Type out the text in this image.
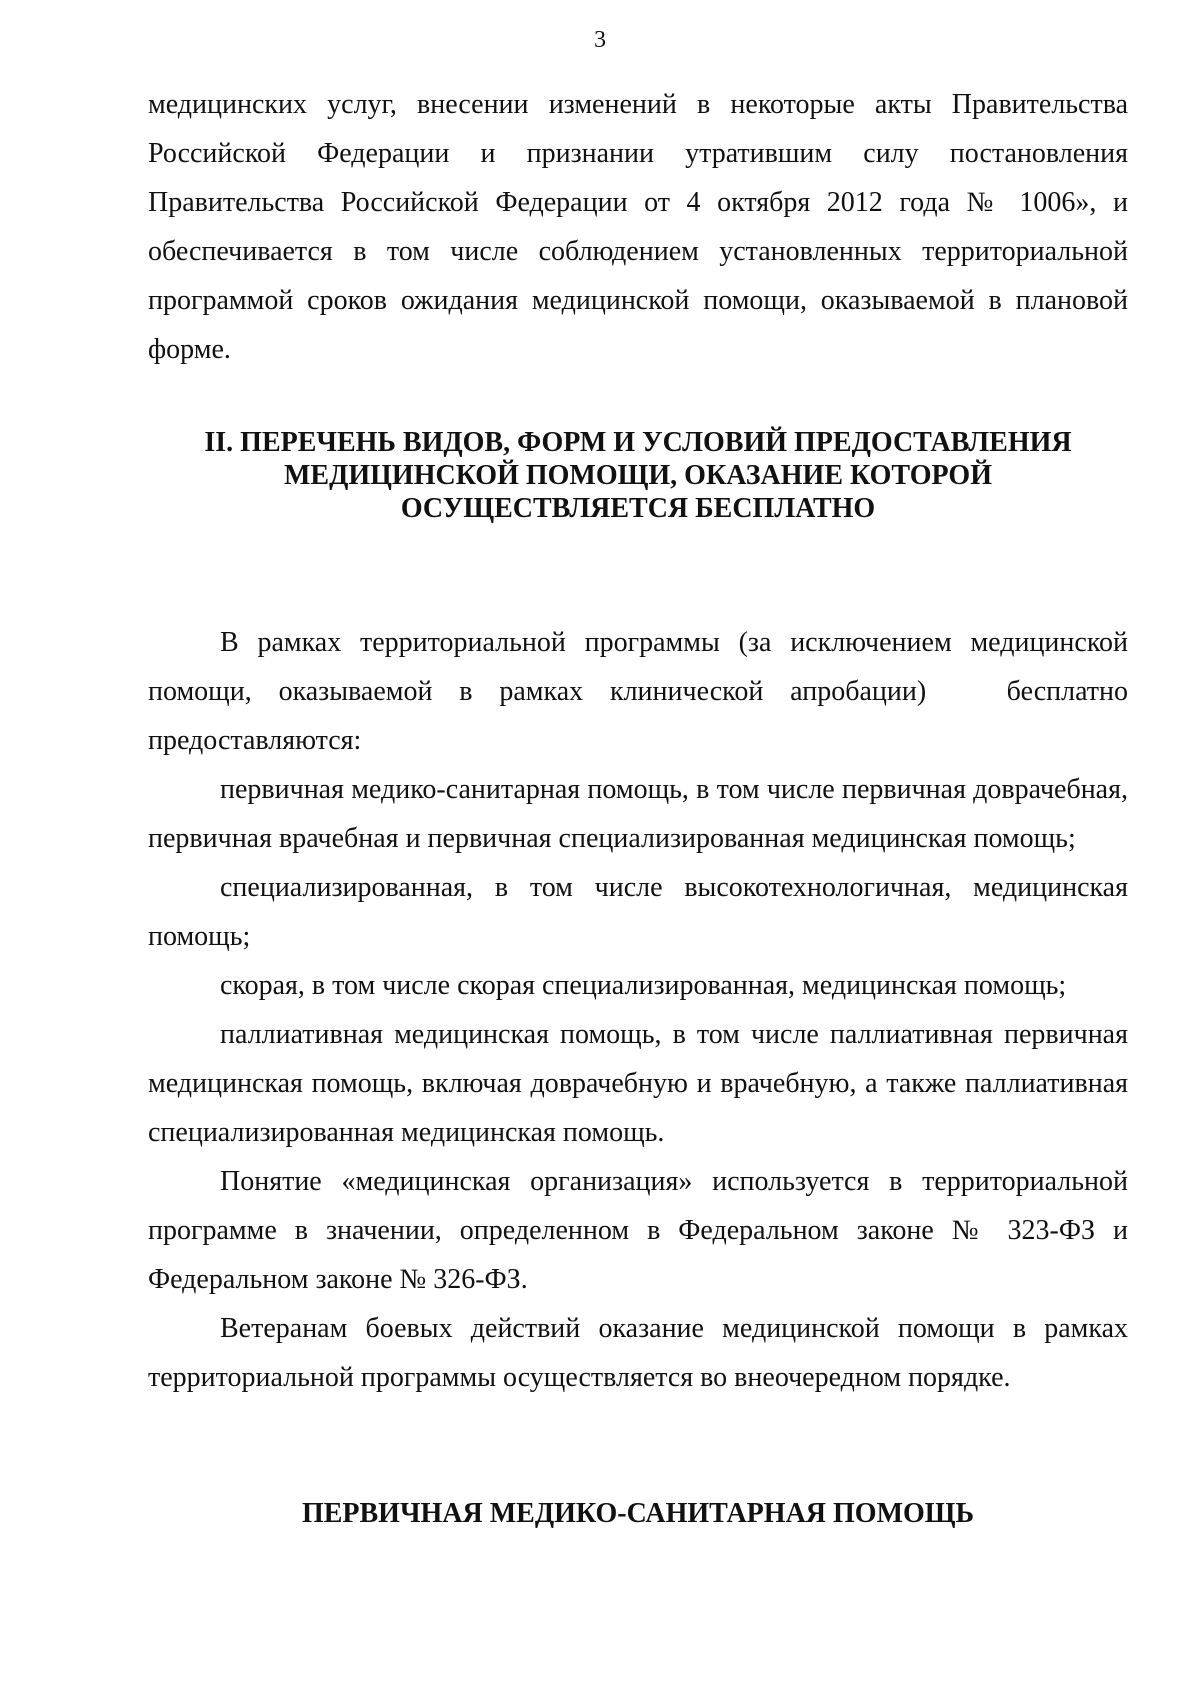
3

медицинских услуг, внесении изменений в некоторые акты Правительства Российской Федерации и признании утратившим силу постановления Правительства Российской Федерации от 4 октября 2012 года № 1006», и обеспечивается в том числе соблюдением установленных территориальной программой сроков ожидания медицинской помощи, оказываемой в плановой форме.

II. ПЕРЕЧЕНЬ ВИДОВ, ФОРМ И УСЛОВИЙ ПРЕДОСТАВЛЕНИЯ
МЕДИЦИНСКОЙ ПОМОЩИ, ОКАЗАНИЕ КОТОРОЙ
ОСУЩЕСТВЛЯЕТСЯ БЕСПЛАТНО

В рамках территориальной программы (за исключением медицинской помощи, оказываемой в рамках клинической апробации)   бесплатно предоставляются:

первичная медико-санитарная помощь, в том числе первичная доврачебная, первичная врачебная и первичная специализированная медицинская помощь;

специализированная, в том числе высокотехнологичная, медицинская помощь;

скорая, в том числе скорая специализированная, медицинская помощь;

паллиативная медицинская помощь, в том числе паллиативная первичная медицинская помощь, включая доврачебную и врачебную, а также паллиативная специализированная медицинская помощь.

Понятие «медицинская организация» используется в территориальной программе в значении, определенном в Федеральном законе № 323-ФЗ и Федеральном законе № 326-ФЗ.

Ветеранам боевых действий оказание медицинской помощи в рамках территориальной программы осуществляется во внеочередном порядке.

ПЕРВИЧНАЯ МЕДИКО-САНИТАРНАЯ ПОМОЩЬ
